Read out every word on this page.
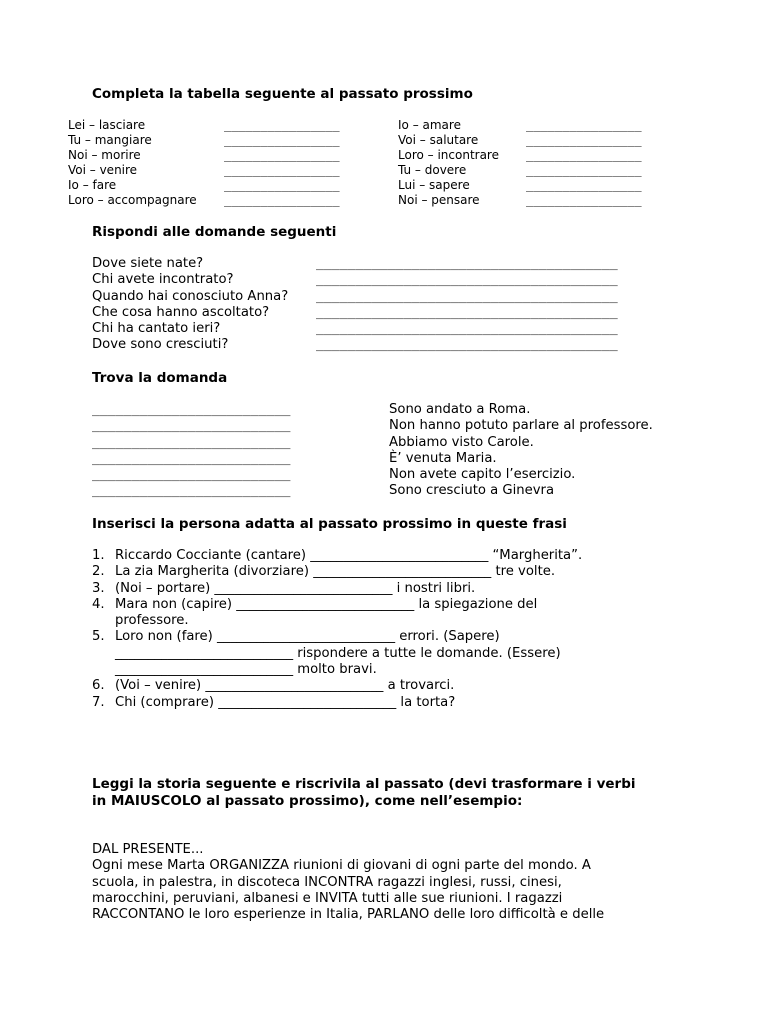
Completa la tabella seguente al passato prossimo
Lei – lasciare	________________	Io – amare	________________
Tu – mangiare	________________	Voi – salutare	________________
Noi – morire	________________	Loro – incontrare ________________
Voi – venire	________________	Tu – dovere	________________
Io – fare	________________	Lui – sapere	________________
Loro – accompagnare ________________	Noi – pensare	________________
Rispondi alle domande seguenti
Dove siete nate?	______________________________________
Chi avete incontrato?	______________________________________
Quando hai conosciuto Anna? ______________________________________
Che cosa hanno ascoltato?	______________________________________
Chi ha cantato ieri?	______________________________________
Dove sono cresciuti?	______________________________________
Trova la domanda
_________________________	Sono andato a Roma.
_________________________	Non hanno potuto parlare al professore.
_________________________	Abbiamo visto Carole.
_________________________	È’ venuta Maria.
_________________________	Non avete capito l’esercizio.
_________________________	Sono cresciuto a Ginevra
Inserisci la persona adatta al passato prossimo in queste frasi
1. Riccardo Cocciante (cantare) ___________________________ “Margherita”.
2. La zia Margherita (divorziare) ___________________________ tre volte.
3. (Noi – portare) ___________________________ i nostri libri.
4. Mara non (capire) ___________________________ la spiegazione del
professore.
5. Loro non (fare) ___________________________ errori. (Sapere)
___________________________ rispondere a tutte le domande. (Essere)
___________________________ molto bravi.
6. (Voi – venire) ___________________________ a trovarci.
7. Chi (comprare) ___________________________ la torta?
Leggi la storia seguente e riscrivila al passato (devi trasformare i verbi
in MAIUSCOLO al passato prossimo), come nell’esempio:
DAL PRESENTE...
Ogni mese Marta ORGANIZZA riunioni di giovani di ogni parte del mondo. A
scuola, in palestra, in discoteca INCONTRA ragazzi inglesi, russi, cinesi,
marocchini, peruviani, albanesi e INVITA tutti alle sue riunioni. I ragazzi
RACCONTANO le loro esperienze in Italia, PARLANO delle loro difficoltà e delle
